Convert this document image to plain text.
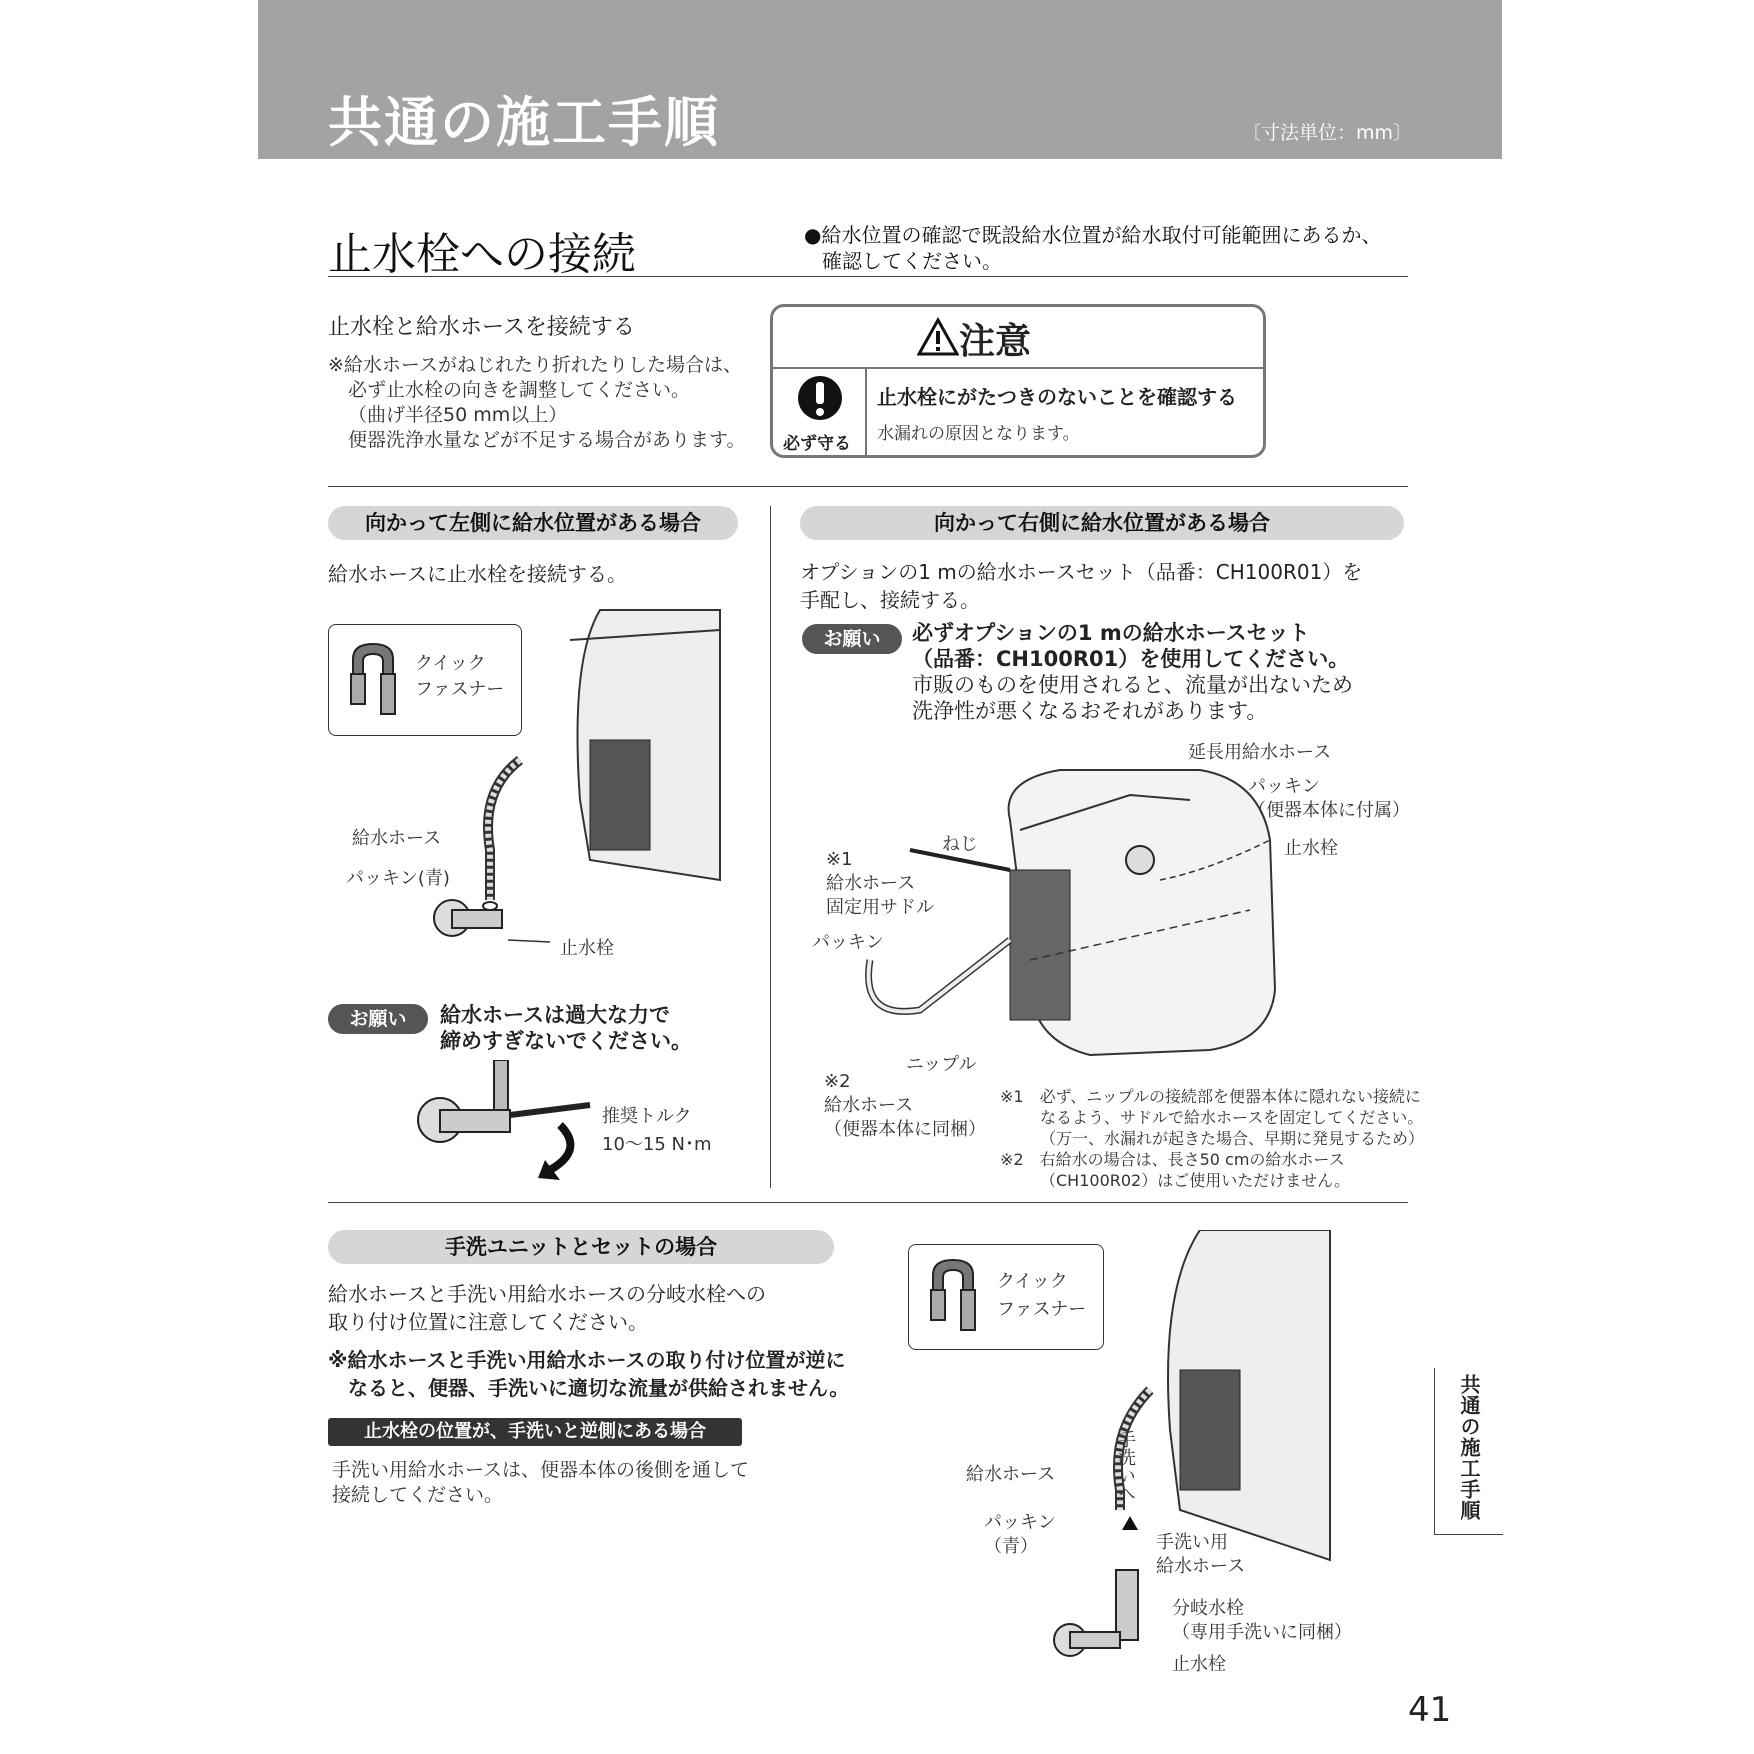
共通の施工手順	〔寸法単位：mm〕
止水栓への接続	●給水位置の確認で既設給水位置が給水取付可能範囲にあるか、
確認してください。
止水栓と給水ホースを接続する
※給水ホースがねじれたり折れたりした場合は、
必ず止水栓の向きを調整してください。
（曲げ半径50 mm以上）
便器洗浄水量などが不足する場合があります。
注意
必ず守る
止水栓にがたつきのないことを確認する
水漏れの原因となります。
向かって左側に給水位置がある場合
給水ホースに止水栓を接続する。
クイック
ファスナー
給水ホース
パッキン(青)
止水栓
お願い	給水ホースは過大な力で
締めすぎないでください。
推奨トルク
10〜15 N･m
向かって右側に給水位置がある場合
オプションの1 mの給水ホースセット（品番：CH100R01）を
手配し、接続する。
お願い	必ずオプションの1 mの給水ホースセット
（品番：CH100R01）を使用してください。
市販のものを使用されると、流量が出ないため
洗浄性が悪くなるおそれがあります。
延長用給水ホース
パッキン
（便器本体に付属）
止水栓
ねじ
※1
給水ホース
固定用サドル
パッキン
ニップル
※2
給水ホース
（便器本体に同梱）
※1　必ず、ニップルの接続部を便器本体に隠れない接続に
なるよう、サドルで給水ホースを固定してください。
（万一、水漏れが起きた場合、早期に発見するため）
※2　右給水の場合は、長さ50 cmの給水ホース
（CH100R02）はご使用いただけません。
手洗ユニットとセットの場合
給水ホースと手洗い用給水ホースの分岐水栓への
取り付け位置に注意してください。
※給水ホースと手洗い用給水ホースの取り付け位置が逆に
なると、便器、手洗いに適切な流量が供給されません。
止水栓の位置が、手洗いと逆側にある場合
手洗い用給水ホースは、便器本体の後側を通して
接続してください。
クイック
ファスナー
給水ホース	手洗いへ
パッキン
（青）	手洗い用
給水ホース
分岐水栓
（専用手洗いに同梱）
止水栓
共通の施工手順
41
